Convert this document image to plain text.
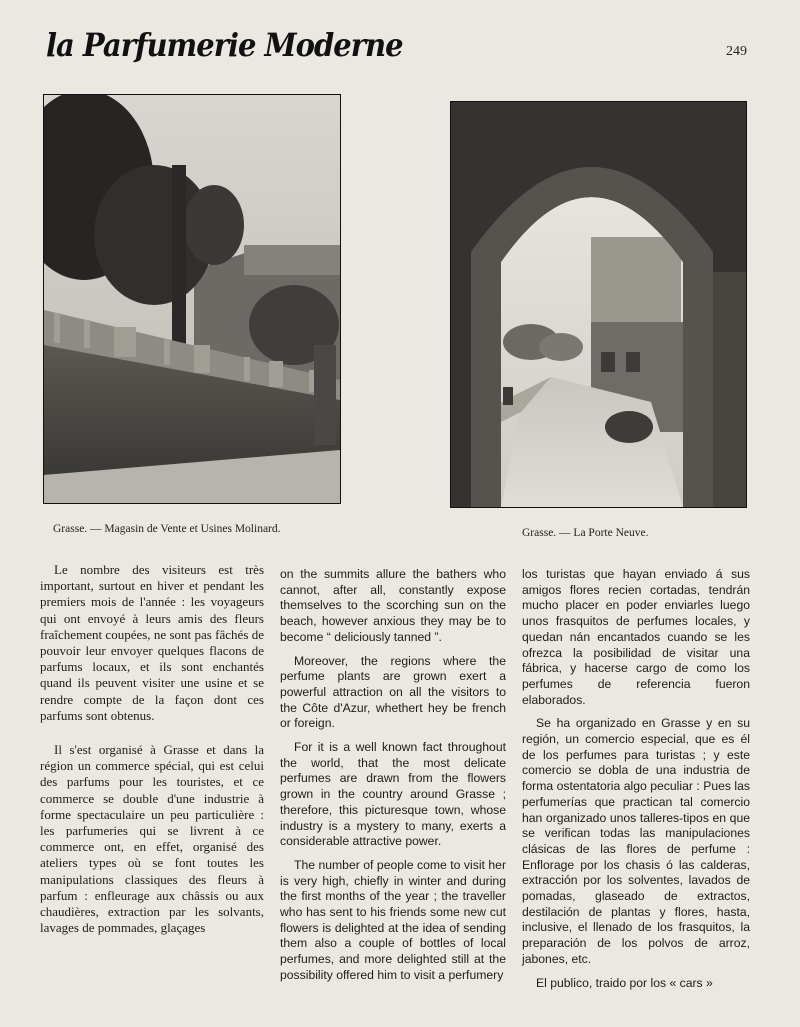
la Parfumerie Moderne	249
Grasse. — Magasin de Vente et Usines Molinard.	Grasse. — La Porte Neuve.

Le nombre des visiteurs est très important, surtout en hiver et pendant les premiers mois de l'année : les voyageurs qui ont envoyé à leurs amis des fleurs fraîchement coupées, ne sont pas fâchés de pouvoir leur envoyer quelques flacons de parfums locaux, et ils sont enchantés quand ils peuvent visiter une usine et se rendre compte de la façon dont ces parfums sont obtenus.

Il s'est organisé à Grasse et dans la région un commerce spécial, qui est celui des parfums pour les touristes, et ce commerce se double d'une industrie à forme spectaculaire un peu particulière : les parfumeries qui se livrent à ce commerce ont, en effet, organisé des ateliers types où se font toutes les manipulations classiques des fleurs à parfum : enfleurage aux châssis ou aux chaudières, extraction par les solvants, lavages de pommades, glaçages

on the summits allure the bathers who cannot, after all, constantly expose themselves to the scorching sun on the beach, however anxious they may be to become “ deliciously tanned ”.

Moreover, the regions where the perfume plants are grown exert a powerful attraction on all the visitors to the Côte d'Azur, whethert hey be french or foreign.

For it is a well known fact throughout the world, that the most delicate perfumes are drawn from the flowers grown in the country around Grasse ; therefore, this picturesque town, whose industry is a mystery to many, exerts a considerable attractive power.

The number of people come to visit her is very high, chiefly in winter and during the first months of the year ; the traveller who has sent to his friends some new cut flowers is delighted at the idea of sending them also a couple of bottles of local perfumes, and more delighted still at the possibility offered him to visit a perfumery

los turistas que hayan enviado á sus amigos flores recien cortadas, tendrán mucho placer en poder enviarles luego unos frasquitos de perfumes locales, y quedan nán encantados cuando se les ofrezca la posibilidad de visitar una fábrica, y hacerse cargo de como los perfumes de referencia fueron elaborados.

Se ha organizado en Grasse y en su región, un comercio especial, que es él de los perfumes para turistas ; y este comercio se dobla de una industria de forma ostentatoria algo peculiar : Pues las perfumerías que practican tal comercio han organizado unos talleres-tipos en que se verifican todas las manipulaciones clásicas de las flores de perfume : Enflorage por los chasis ó las calderas, extracción por los solventes, lavados de pomadas, glaseado de extractos, destilación de plantas y flores, hasta, inclusive, el llenado de los frasquitos, la preparación de los polvos de arroz, jabones, etc.

El publico, traido por los « cars »
